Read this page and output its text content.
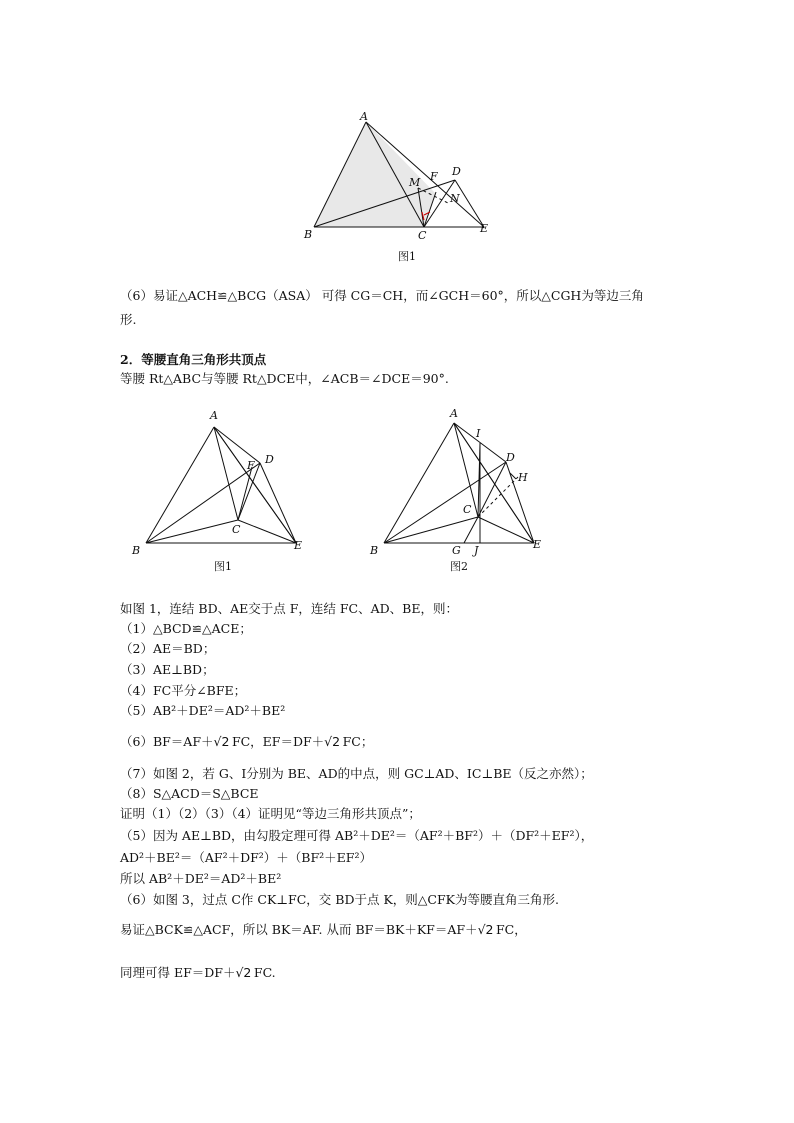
A
B	C
D
E
F
M
N
图1
（6）易证△ACH≌△BCG（ASA） 可得 CG＝CH，而∠GCH＝60°，所以△CGH为等边三角
形.
2．等腰直角三角形共顶点
等腰 Rt△ABC与等腰 Rt△DCE中，∠ACB＝∠DCE＝90°.
A
B
C
D
E
F
图1
A
B
C
D
E
G
H
I
J
图2
如图 1，连结 BD、AE交于点 F，连结 FC、AD、BE，则：
（1）△BCD≌△ACE；
（2）AE＝BD；
（3）AE⊥BD；
（4）FC平分∠BFE；
（5）AB²＋DE²＝AD²＋BE²
（6）BF＝AF＋√2  FC，EF＝DF＋√2  FC；
（7）如图 2，若 G、I分别为 BE、AD的中点，则 GC⊥AD、IC⊥BE（反之亦然）；
（8）S△ACD＝S△BCE
证明（1）（2）（3）（4）证明见“等边三角形共顶点”；
（5）因为 AE⊥BD，由勾股定理可得 AB²＋DE²＝（AF²＋BF²）＋（DF²＋EF²），
AD²＋BE²＝（AF²＋DF²）＋（BF²＋EF²）
所以 AB²＋DE²＝AD²＋BE²
（6）如图 3，过点 C作 CK⊥FC，交 BD于点 K，则△CFK为等腰直角三角形.
易证△BCK≌△ACF，所以 BK＝AF. 从而 BF＝BK＋KF＝AF＋√2  FC，
同理可得 EF＝DF＋√2  FC.
